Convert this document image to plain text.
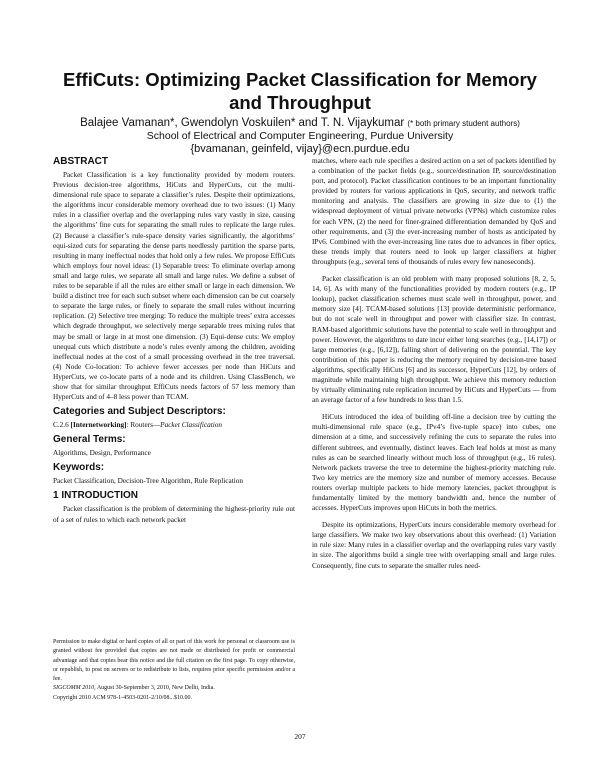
EffiCuts: Optimizing Packet Classification for Memory
and Throughput
Balajee Vamanan*, Gwendolyn Voskuilen* and T. N. Vijaykumar (* both primary student authors)
School of Electrical and Computer Engineering, Purdue University
{bvamanan, geinfeld, vijay}@ecn.purdue.edu
ABSTRACT

Packet Classification is a key functionality provided by modern routers. Previous decision-tree algorithms, HiCuts and HyperCuts, cut the multi-dimensional rule space to separate a classifier’s rules. Despite their optimizations, the algorithms incur considerable memory overhead due to two issues: (1) Many rules in a classifier overlap and the overlapping rules vary vastly in size, causing the algorithms’ fine cuts for separating the small rules to replicate the large rules. (2) Because a classifier’s rule-space density varies significantly, the algorithms’ equi-sized cuts for separating the dense parts needlessly partition the sparse parts, resulting in many ineffectual nodes that hold only a few rules. We propose EffiCuts which employs four novel ideas: (1) Separable trees: To eliminate overlap among small and large rules, we separate all small and large rules. We define a subset of rules to be separable if all the rules are either small or large in each dimension. We build a distinct tree for each such subset where each dimension can be cut coarsely to separate the large rules, or finely to separate the small rules without incurring replication. (2) Selective tree merging: To reduce the multiple trees’ extra accesses which degrade throughput, we selectively merge separable trees mixing rules that may be small or large in at most one dimension. (3) Equi-dense cuts: We employ unequal cuts which distribute a node’s rules evenly among the children, avoiding ineffectual nodes at the cost of a small processing overhead in the tree traversal. (4) Node Co-location: To achieve fewer accesses per node than HiCuts and HyperCuts, we co-locate parts of a node and its children. Using ClassBench, we show that for similar throughput EffiCuts needs factors of 57 less memory than HyperCuts and of 4–8 less power than TCAM.

Categories and Subject Descriptors:

C.2.6 [Internetworking]: Routers—Packet Classification

General Terms:

Algorithms, Design, Performance

Keywords:

Packet Classification, Decision-Tree Algorithm, Rule Replication

1 INTRODUCTION

Packet classification is the problem of determining the highest-priority rule out of a set of rules to which each network packet

Permission to make digital or hard copies of all or part of this work for personal or classroom use is granted without fee provided that copies are not made or distributed for profit or commercial advantage and that copies bear this notice and the full citation on the first page. To copy otherwise, or republish, to post on servers or to redistribute to lists, requires prior specific permission and/or a fee.
SIGCOMM 2010, August 30-September 3, 2010, New Delhi, India.
Copyright 2010 ACM 978-1-4503-0201-2/10/08...$10.00.

matches, where each rule specifies a desired action on a set of packets identified by a combination of the packet fields (e.g., source/destination IP, source/destination port, and protocol). Packet classification continues to be an important functionality provided by routers for various applications in QoS, security, and network traffic monitoring and analysis. The classifiers are growing in size due to (1) the widespread deployment of virtual private networks (VPNs) which customize rules for each VPN, (2) the need for finer-grained differentiation demanded by QoS and other requirements, and (3) the ever-increasing number of hosts as anticipated by IPv6. Combined with the ever-increasing line rates due to advances in fiber optics, these trends imply that routers need to look up larger classifiers at higher throughputs (e.g., several tens of thousands of rules every few nanoseconds).

Packet classification is an old problem with many proposed solutions [8, 2, 5, 14, 6]. As with many of the functionalities provided by modern routers (e.g., IP lookup), packet classification schemes must scale well in throughput, power, and memory size [4]. TCAM-based solutions [13] provide deterministic performance, but do not scale well in throughput and power with classifier size. In contrast, RAM-based algorithmic solutions have the potential to scale well in throughput and power. However, the algorithms to date incur either long searches (e.g., [14,17]) or large memories (e.g., [6,12]), falling short of delivering on the potential. The key contribution of this paper is reducing the memory required by decision-tree based algorithms, specifically HiCuts [6] and its successor, HyperCuts [12], by orders of magnitude while maintaining high throughput. We achieve this memory reduction by virtually eliminating rule replication incurred by HiCuts and HyperCuts — from an average factor of a few hundreds to less than 1.5.

HiCuts introduced the idea of building off-line a decision tree by cutting the multi-dimensional rule space (e.g., IPv4’s five-tuple space) into cubes, one dimension at a time, and successively refining the cuts to separate the rules into different subtrees, and eventually, distinct leaves. Each leaf holds at most as many rules as can be searched linearly without much loss of throughput (e.g., 16 rules). Network packets traverse the tree to determine the highest-priority matching rule. Two key metrics are the memory size and number of memory accesses. Because routers overlap multiple packets to hide memory latencies, packet throughput is fundamentally limited by the memory bandwidth and, hence the number of accesses. HyperCuts improves upon HiCuts in both the metrics.

Despite its optimizations, HyperCuts incurs considerable memory overhead for large classifiers. We make two key observations about this overhead: (1) Variation in rule size: Many rules in a classifier overlap and the overlapping rules vary vastly in size. The algorithms build a single tree with overlapping small and large rules. Consequently, fine cuts to separate the smaller rules need-

207
